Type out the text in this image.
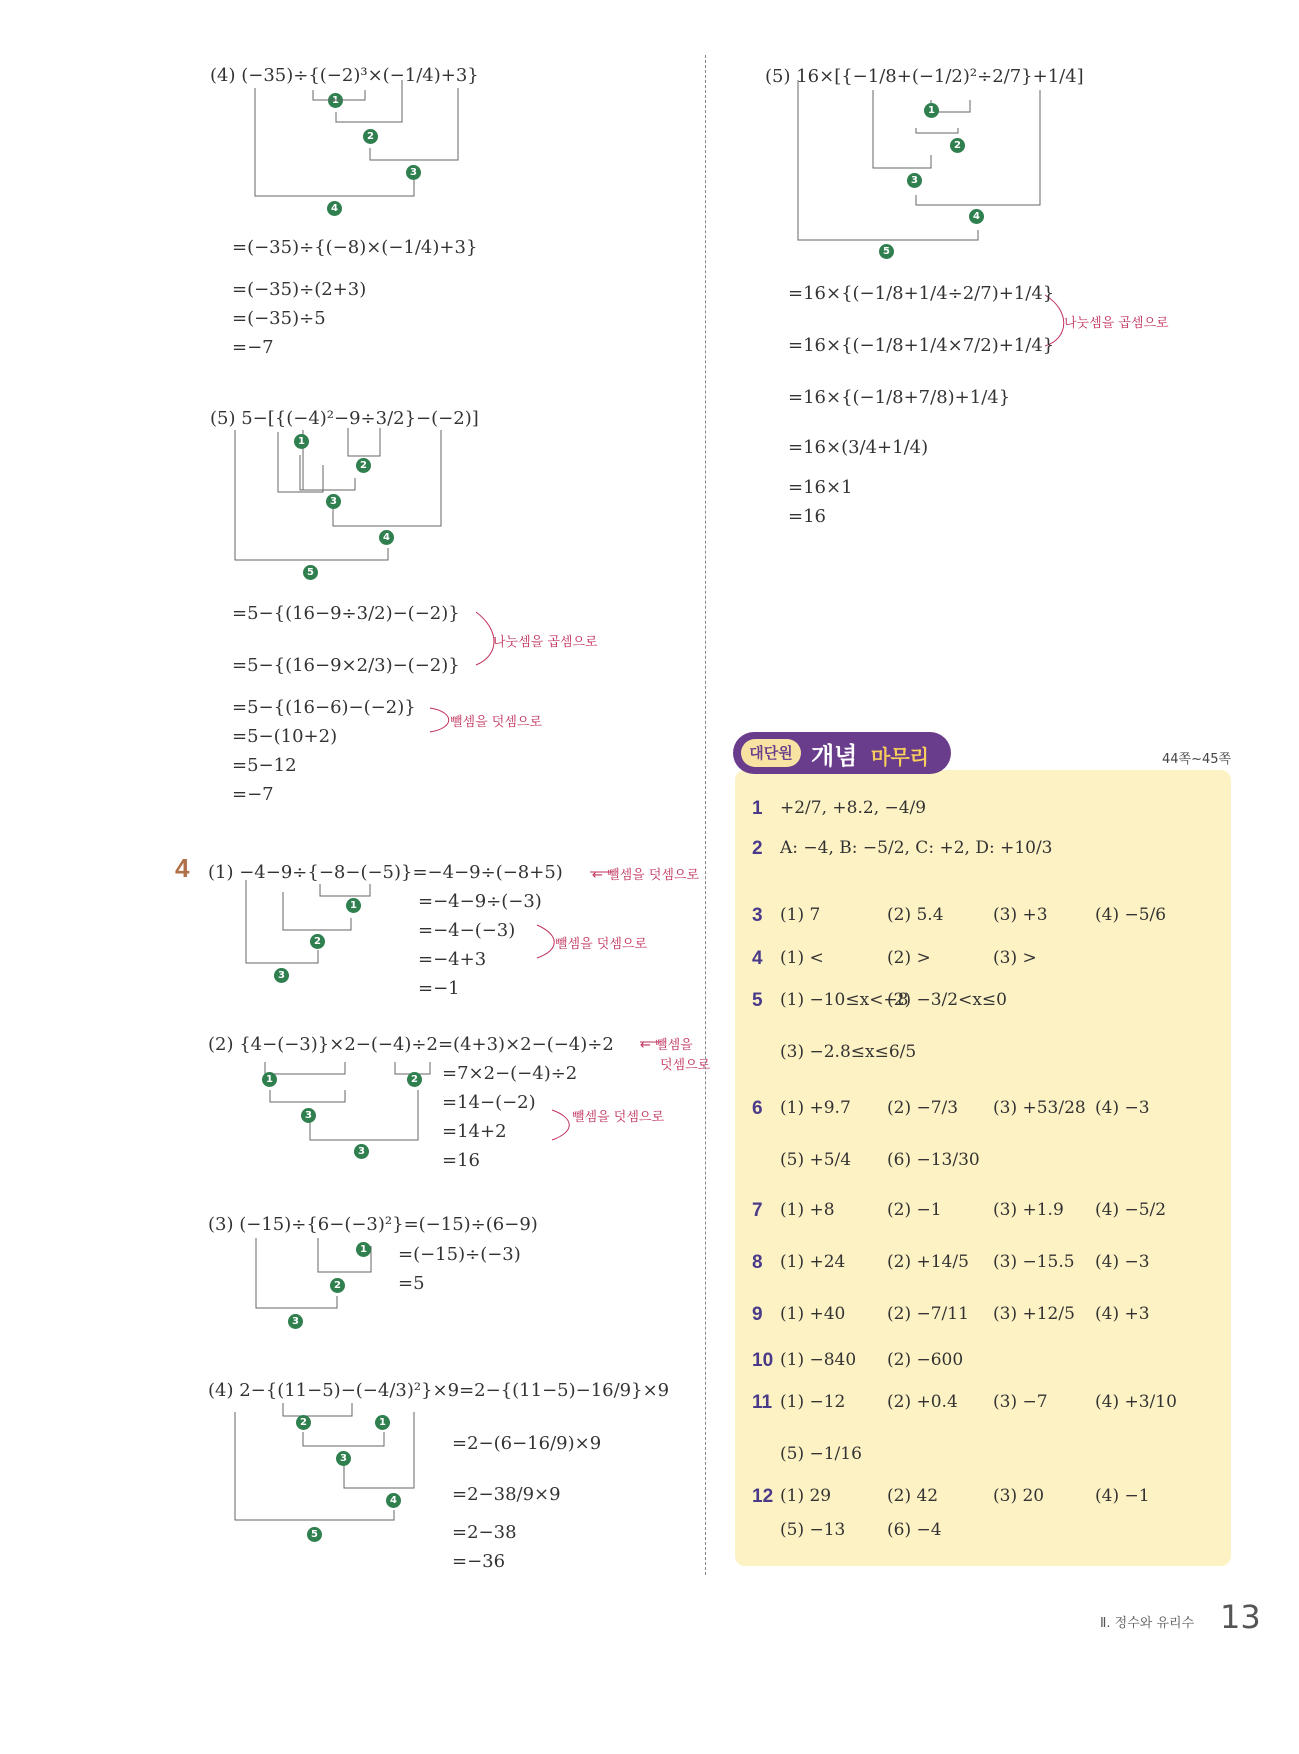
(4) (−35)÷{(−2)³×(−1/4)+3}
1
2
3
4
=(−35)÷{(−8)×(−1/4)+3}
=(−35)÷(2+3)
=(−35)÷5
=−7
(5) 5−[{(−4)²−9÷3/2}−(−2)]
1
2
3
4
5
=5−{(16−9÷3/2)−(−2)}
=5−{(16−9×2/3)−(−2)}
나눗셈을 곱셈으로
=5−{(16−6)−(−2)}
뺄셈을 덧셈으로
=5−(10+2)
=5−12
=−7
4 (1) −4−9÷{−8−(−5)}=−4−9÷(−8+5) ← 뺄셈을 덧셈으로
1
2
3
=−4−9÷(−3)
=−4−(−3)
뺄셈을 덧셈으로
=−4+3
=−1
(2) {4−(−3)}×2−(−4)÷2=(4+3)×2−(−4)÷2 ← 뺄셈을
덧셈으로
1	2
3
3
=7×2−(−4)÷2
=14−(−2)
뺄셈을 덧셈으로
=14+2
=16
(3) (−15)÷{6−(−3)²}=(−15)÷(6−9)
1
2
3
=(−15)÷(−3)
=5
(4) 2−{(11−5)−(−4/3)²}×9=2−{(11−5)−16/9}×9
2	1
3
4
5
=2−(6−16/9)×9
=2−38/9×9
=2−38
=−36
(5) 16×[{−1/8+(−1/2)²÷2/7}+1/4]
1
2
3
4
5
=16×{(−1/8+1/4÷2/7)+1/4}
나눗셈을 곱셈으로
=16×{(−1/8+1/4×7/2)+1/4}
=16×{(−1/8+7/8)+1/4}
=16×(3/4+1/4)
=16×1
=16
대단원 개념 마무리	44쪽~45쪽
1 +2/7, +8.2, −4/9
2 A: −4, B: −5/2, C: +2, D: +10/3
3 (1) 7	(2) 5.4	(3) +3	(4) −5/6
4 (1) <	(2) >	(3) >
5 (1) −10≤x<−8
(2) −3/2<x≤0
(3) −2.8≤x≤6/5
6 (1) +9.7 (2) −7/3 (3) +53/28 (4) −3
(5) +5/4 (6) −13/30
7 (1) +8	(2) −1	(3) +1.9 (4) −5/2
8 (1) +24 (2) +14/5 (3) −15.5 (4) −3
9 (1) +40 (2) −7/11 (3) +12/5 (4) +3
10 (1) −840 (2) −600
11 (1) −12 (2) +0.4 (3) −7	(4) +3/10
(5) −1/16
12 (1) 29	(2) 42	(3) 20	(4) −1
(5) −13 (6) −4
Ⅱ. 정수와 유리수 13
